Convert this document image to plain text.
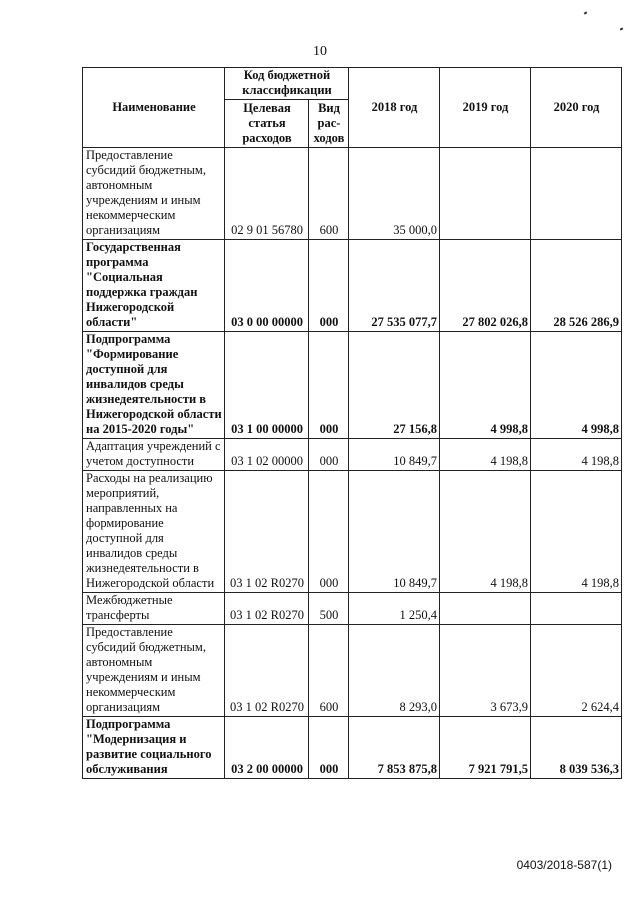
10
Наименование	Код бюджетной классификации		2018 год	2019 год	2020 год
	Целевая статья расходов	Вид рас-ходов			
Предоставление субсидий бюджетным, автономным учреждениям и иным некоммерческим организациям	02 9 01 56780	600	35 000,0		
Государственная программа "Социальная поддержка граждан Нижегородской области"	03 0 00 00000	000	27 535 077,7	27 802 026,8	28 526 286,9
Подпрограмма "Формирование доступной для инвалидов среды жизнедеятельности в Нижегородской области на 2015-2020 годы"	03 1 00 00000	000	27 156,8	4 998,8	4 998,8
Адаптация учреждений с учетом доступности	03 1 02 00000	000	10 849,7	4 198,8	4 198,8
Расходы на реализацию мероприятий, направленных на формирование доступной для инвалидов среды жизнедеятельности в Нижегородской области	03 1 02 R0270	000	10 849,7	4 198,8	4 198,8
Межбюджетные трансферты	03 1 02 R0270	500	1 250,4		
Предоставление субсидий бюджетным, автономным учреждениям и иным некоммерческим организациям	03 1 02 R0270	600	8 293,0	3 673,9	2 624,4
Подпрограмма "Модернизация и развитие социального обслуживания	03 2 00 00000	000	7 853 875,8	7 921 791,5	8 039 536,3
0403/2018-587(1)
